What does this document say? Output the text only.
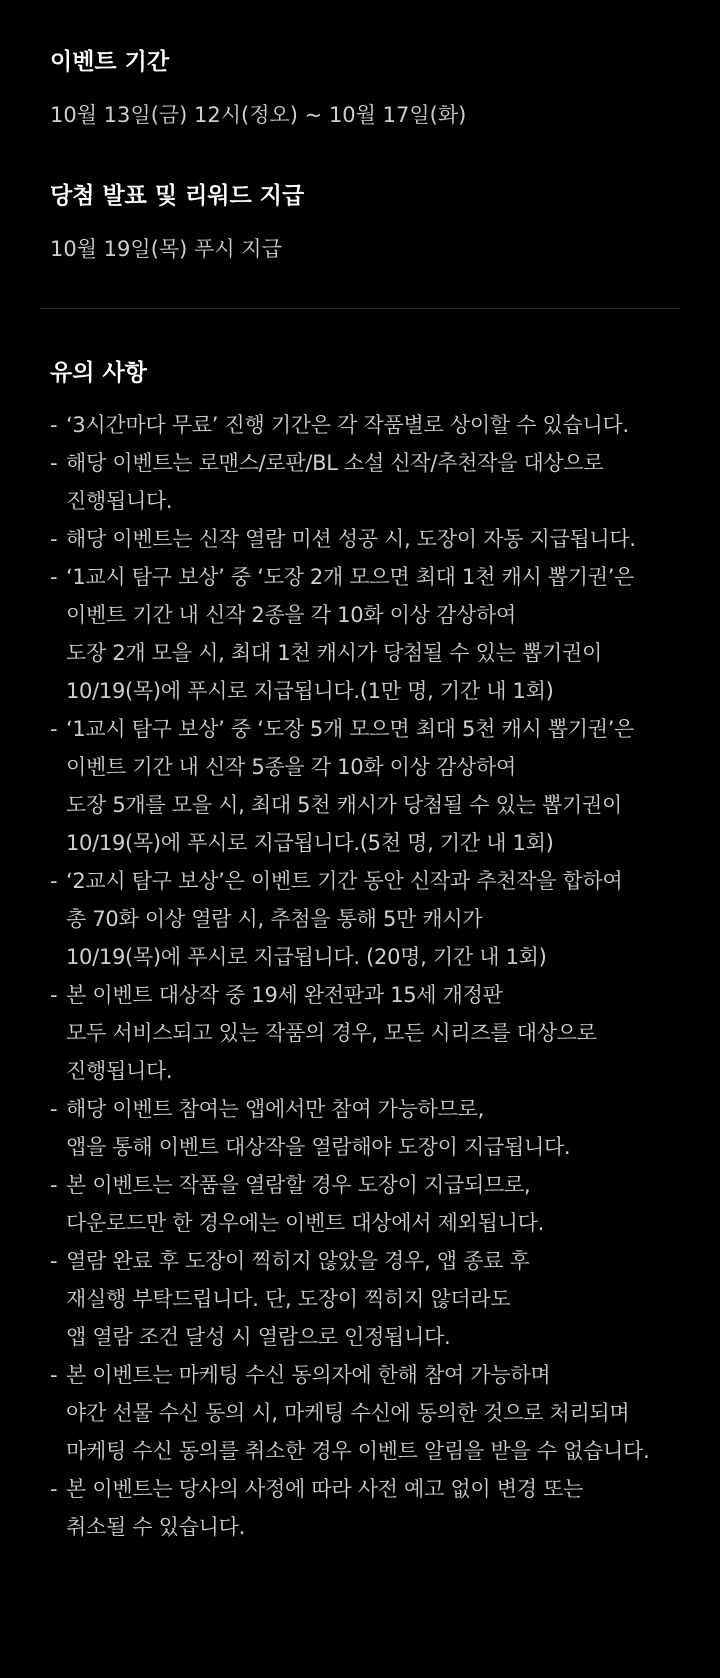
이벤트 기간

10월 13일(금) 12시(정오) ~ 10월 17일(화)

당첨 발표 및 리워드 지급

10월 19일(목) 푸시 지급

유의 사항
- ‘3시간마다 무료’ 진행 기간은 각 작품별로 상이할 수 있습니다.
- 해당 이벤트는 로맨스/로판/BL 소설 신작/추천작을 대상으로
진행됩니다.
- 해당 이벤트는 신작 열람 미션 성공 시, 도장이 자동 지급됩니다.
- ‘1교시 탐구 보상’ 중 ‘도장 2개 모으면 최대 1천 캐시 뽑기권’은
이벤트 기간 내 신작 2종을 각 10화 이상 감상하여
도장 2개 모을 시, 최대 1천 캐시가 당첨될 수 있는 뽑기권이
10/19(목)에 푸시로 지급됩니다.(1만 명, 기간 내 1회)
- ‘1교시 탐구 보상’ 중 ‘도장 5개 모으면 최대 5천 캐시 뽑기권’은
이벤트 기간 내 신작 5종을 각 10화 이상 감상하여
도장 5개를 모을 시, 최대 5천 캐시가 당첨될 수 있는 뽑기권이
10/19(목)에 푸시로 지급됩니다.(5천 명, 기간 내 1회)
- ‘2교시 탐구 보상’은 이벤트 기간 동안 신작과 추천작을 합하여
총 70화 이상 열람 시, 추첨을 통해 5만 캐시가
10/19(목)에 푸시로 지급됩니다. (20명, 기간 내 1회)
- 본 이벤트 대상작 중 19세 완전판과 15세 개정판
모두 서비스되고 있는 작품의 경우, 모든 시리즈를 대상으로
진행됩니다.
- 해당 이벤트 참여는 앱에서만 참여 가능하므로,
앱을 통해 이벤트 대상작을 열람해야 도장이 지급됩니다.
- 본 이벤트는 작품을 열람할 경우 도장이 지급되므로,
다운로드만 한 경우에는 이벤트 대상에서 제외됩니다.
- 열람 완료 후 도장이 찍히지 않았을 경우, 앱 종료 후
재실행 부탁드립니다. 단, 도장이 찍히지 않더라도
앱 열람 조건 달성 시 열람으로 인정됩니다.
- 본 이벤트는 마케팅 수신 동의자에 한해 참여 가능하며
야간 선물 수신 동의 시, 마케팅 수신에 동의한 것으로 처리되며
마케팅 수신 동의를 취소한 경우 이벤트 알림을 받을 수 없습니다.
- 본 이벤트는 당사의 사정에 따라 사전 예고 없이 변경 또는
취소될 수 있습니다.
